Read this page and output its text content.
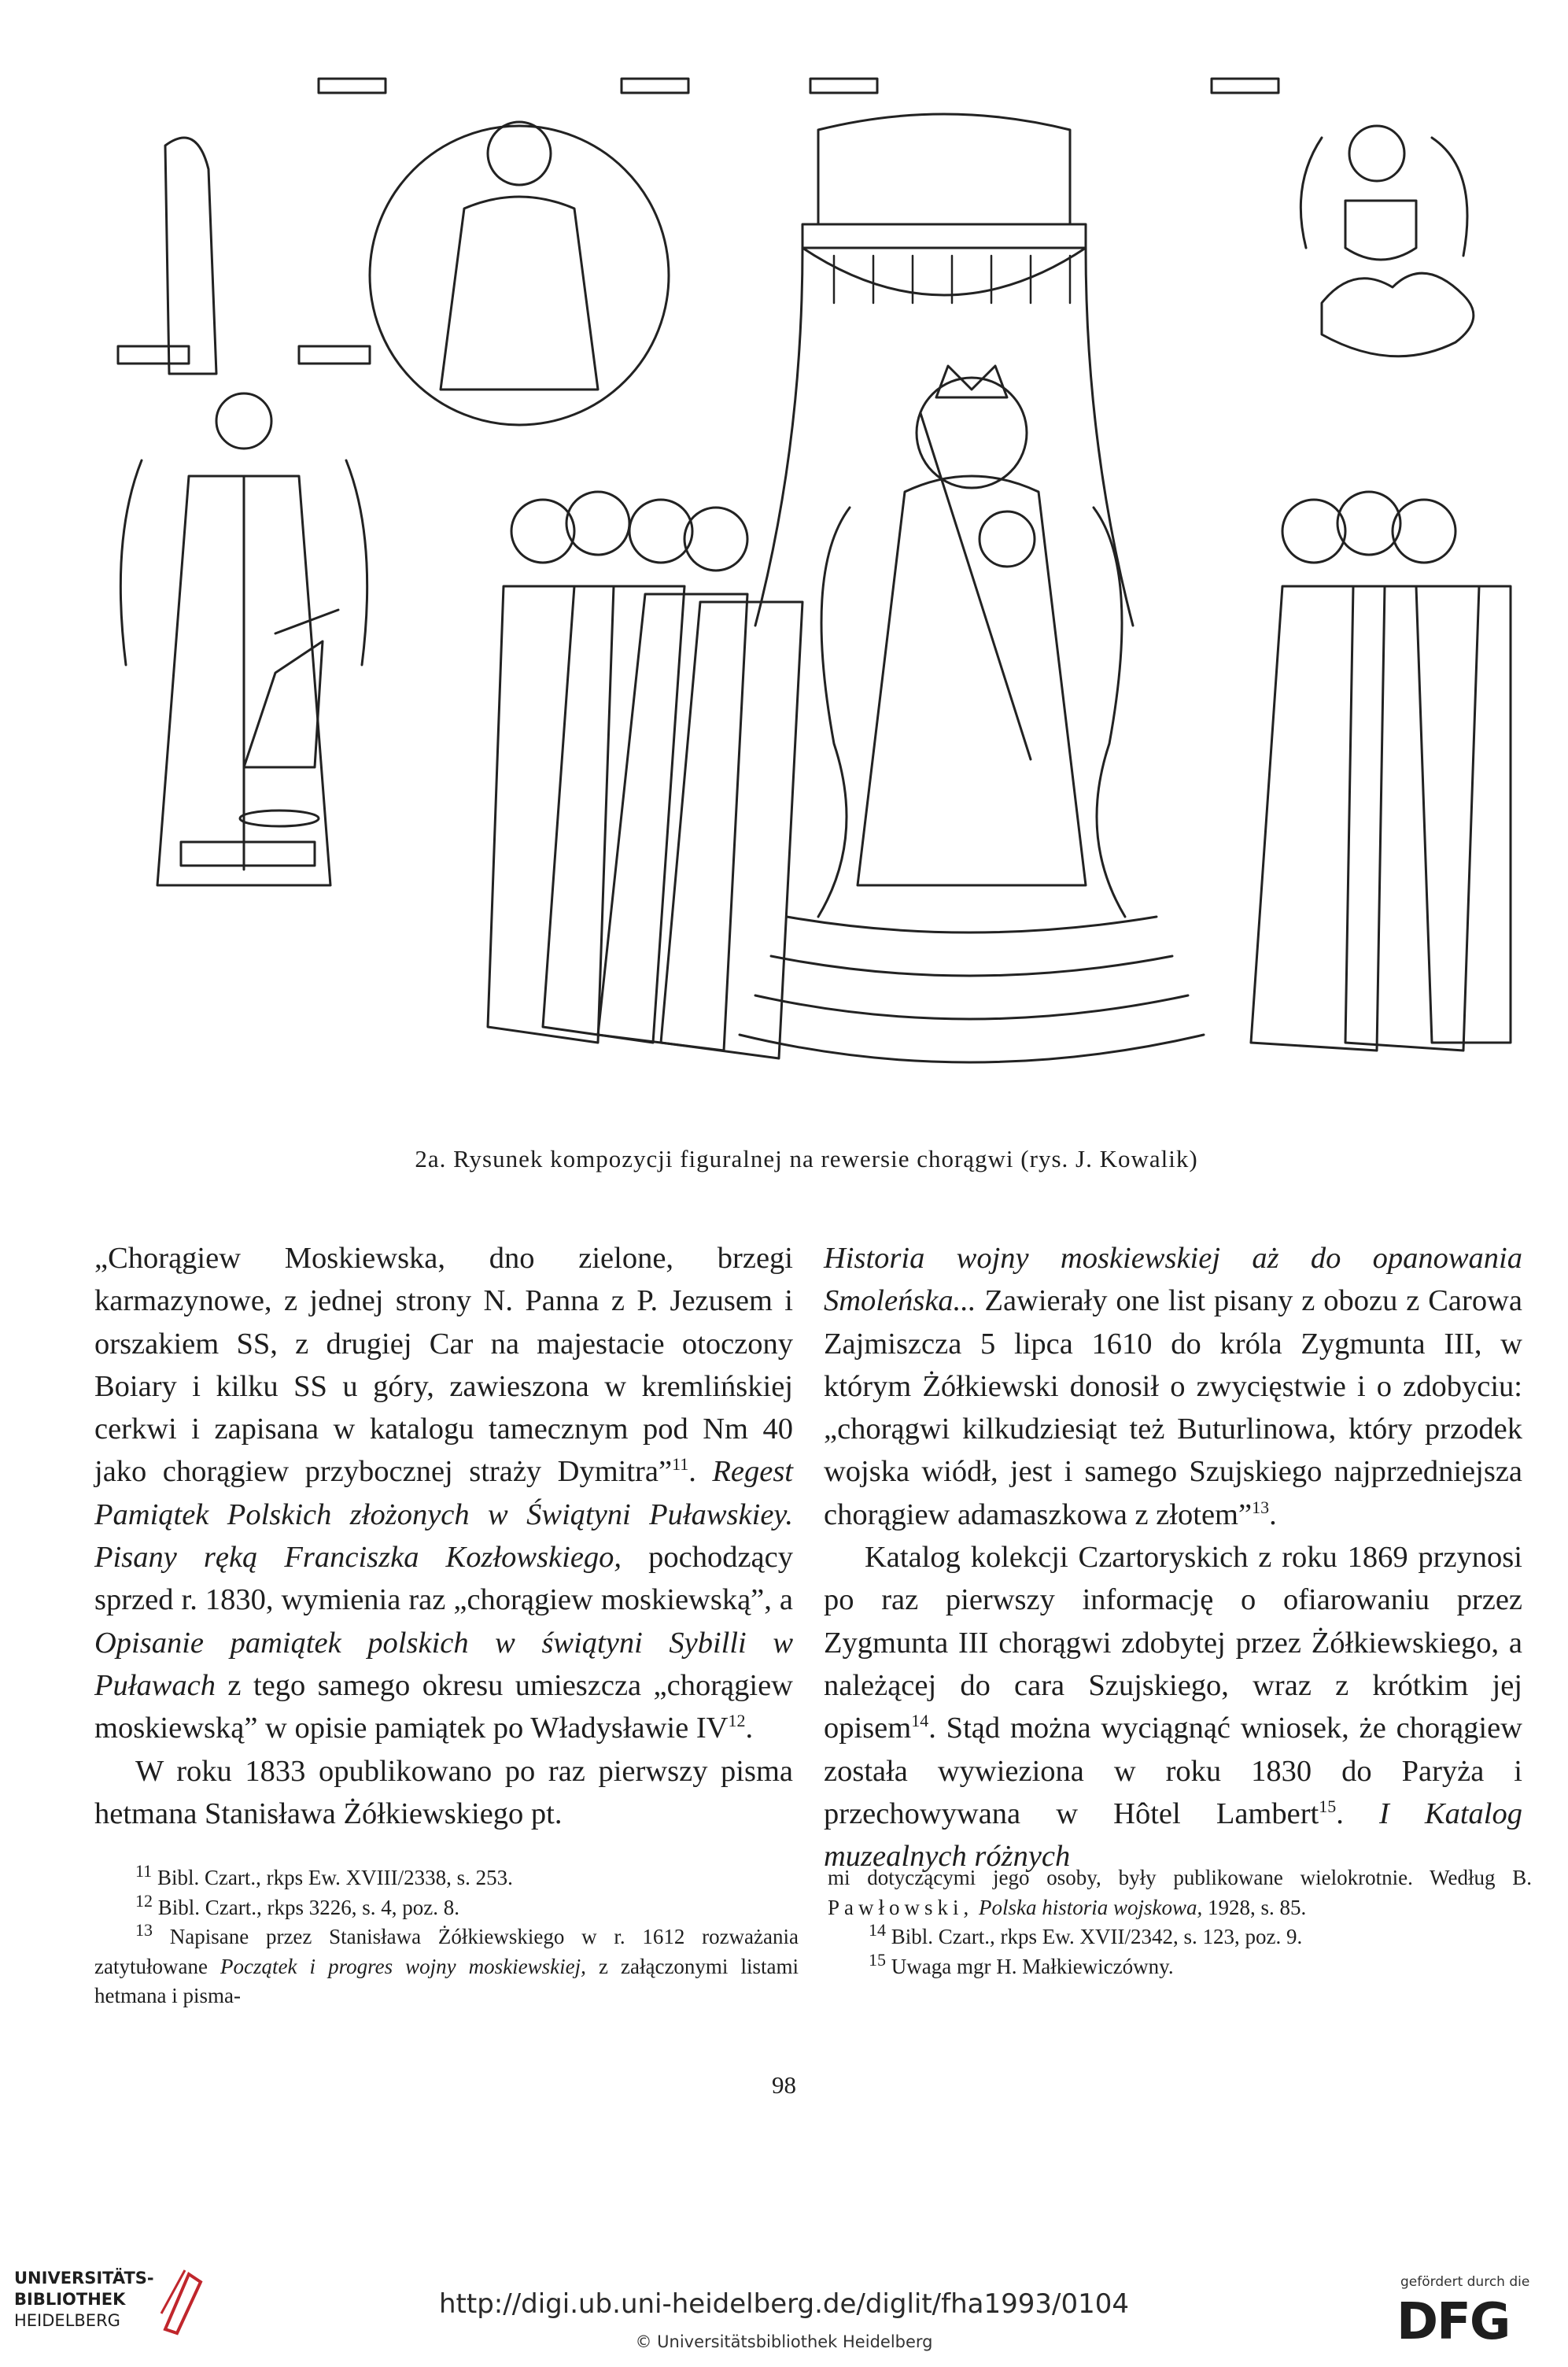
2a. Rysunek kompozycji figuralnej na rewersie chorągwi (rys. J. Kowalik)

„Chorągiew Moskiewska, dno zielone, brzegi karmazynowe, z jednej strony N. Panna z P. Jezusem i orszakiem SS, z drugiej Car na majestacie otoczony Boiary i kilku SS u góry, zawieszona w kremlińskiej cerkwi i zapisana w katalogu tamecznym pod Nm 40 jako chorągiew przybocznej straży Dymitra”$^{11}$. Regest Pamiątek Polskich złożonych w Świątyni Puławskiey. Pisany ręką Franciszka Kozłowskiego, pochodzący sprzed r. 1830, wymienia raz „chorągiew moskiewską”, a Opisanie pamiątek polskich w świątyni Sybilli w Puławach z tego samego okresu umieszcza „chorągiew moskiewską” w opisie pamiątek po Władysławie IV$^{12}$.

W roku 1833 opublikowano po raz pierwszy pisma hetmana Stanisława Żółkiewskiego pt.

Historia wojny moskiewskiej aż do opanowania Smoleńska... Zawierały one list pisany z obozu z Carowa Zajmiszcza 5 lipca 1610 do króla Zygmunta III, w którym Żółkiewski donosił o zwycięstwie i o zdobyciu: „chorągwi kilkudziesiąt też Buturlinowa, który przodek wojska wiódł, jest i samego Szujskiego najprzedniejsza chorągiew adamaszkowa z złotem”$^{13}$.

Katalog kolekcji Czartoryskich z roku 1869 przynosi po raz pierwszy informację o ofiarowaniu przez Zygmunta III chorągwi zdobytej przez Żółkiewskiego, a należącej do cara Szujskiego, wraz z krótkim jej opisem$^{14}$. Stąd można wyciągnąć wniosek, że chorągiew została wywieziona w roku 1830 do Paryża i przechowywana w Hôtel Lambert$^{15}$. I Katalog muzealnych różnych

$^{11}$ Bibl. Czart., rkps Ew. XVIII/2338, s. 253.

$^{12}$ Bibl. Czart., rkps 3226, s. 4, poz. 8.

$^{13}$ Napisane przez Stanisława Żółkiewskiego w r. 1612 rozważania zatytułowane Początek i progres wojny moskiewskiej, z załączonymi listami hetmana i pisma-

mi dotyczącymi jego osoby, były publikowane wielokrotnie. Według B. Pawłowski, Polska historia wojskowa, 1928, s. 85.

$^{14}$ Bibl. Czart., rkps Ew. XVII/2342, s. 123, poz. 9.

$^{15}$ Uwaga mgr H. Małkiewiczówny.

98
UNIVERSITÄTS-
BIBLIOTHEK
HEIDELBERG
http://digi.ub.uni-heidelberg.de/diglit/fha1993/0104
© Universitätsbibliothek Heidelberg
gefördert durch die
DFG
